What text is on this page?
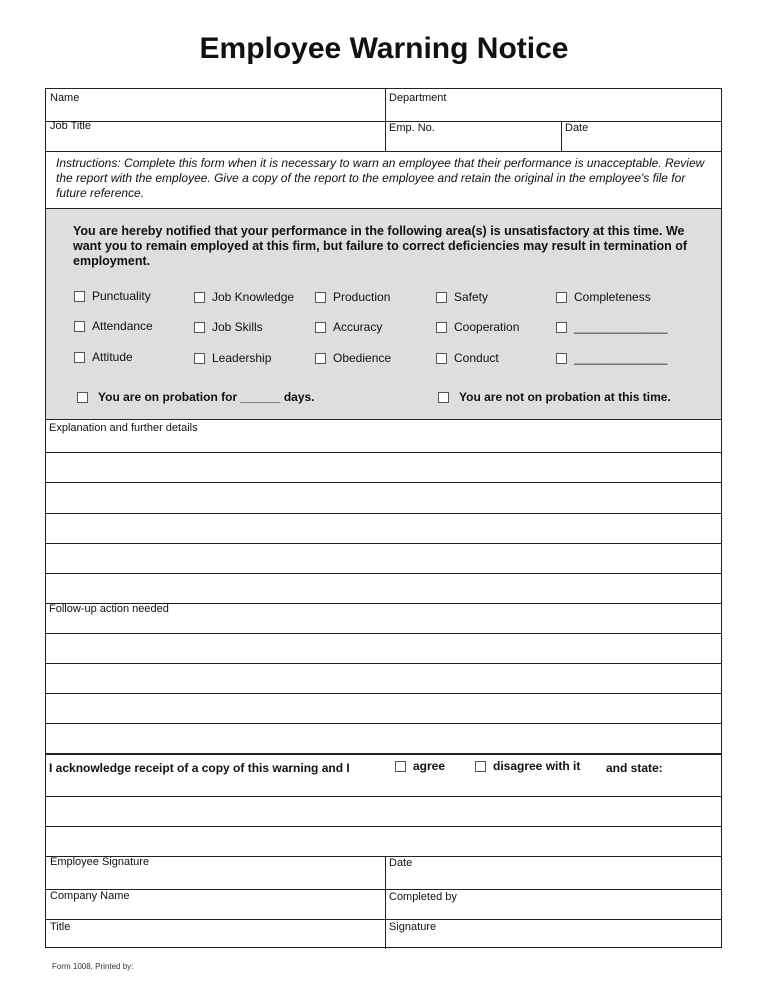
Employee Warning Notice
Name	Department
Job Title	Emp. No.	Date
Instructions: Complete this form when it is necessary to warn an employee that their performance is unacceptable. Review the report with the employee. Give a copy of the report to the employee and retain the original in the employee's file for future reference.
You are hereby notified that your performance in the following area(s) is unsatisfactory at this time. We want you to remain employed at this firm, but failure to correct deficiencies may result in termination of employment.
Punctuality	Job Knowledge	Production	Safety	Completeness
Attendance	Job Skills	Accuracy	Cooperation	______________
Attitude	Leadership	Obedience	Conduct	______________
You are on probation for ______ days.	You are not on probation at this time.
Explanation and further details
Follow-up action needed
I acknowledge receipt of a copy of this warning and I	agree	disagree with it and state:
Employee Signature	Date
Company Name	Completed by
Title	Signature
Form 1008, Printed by:
